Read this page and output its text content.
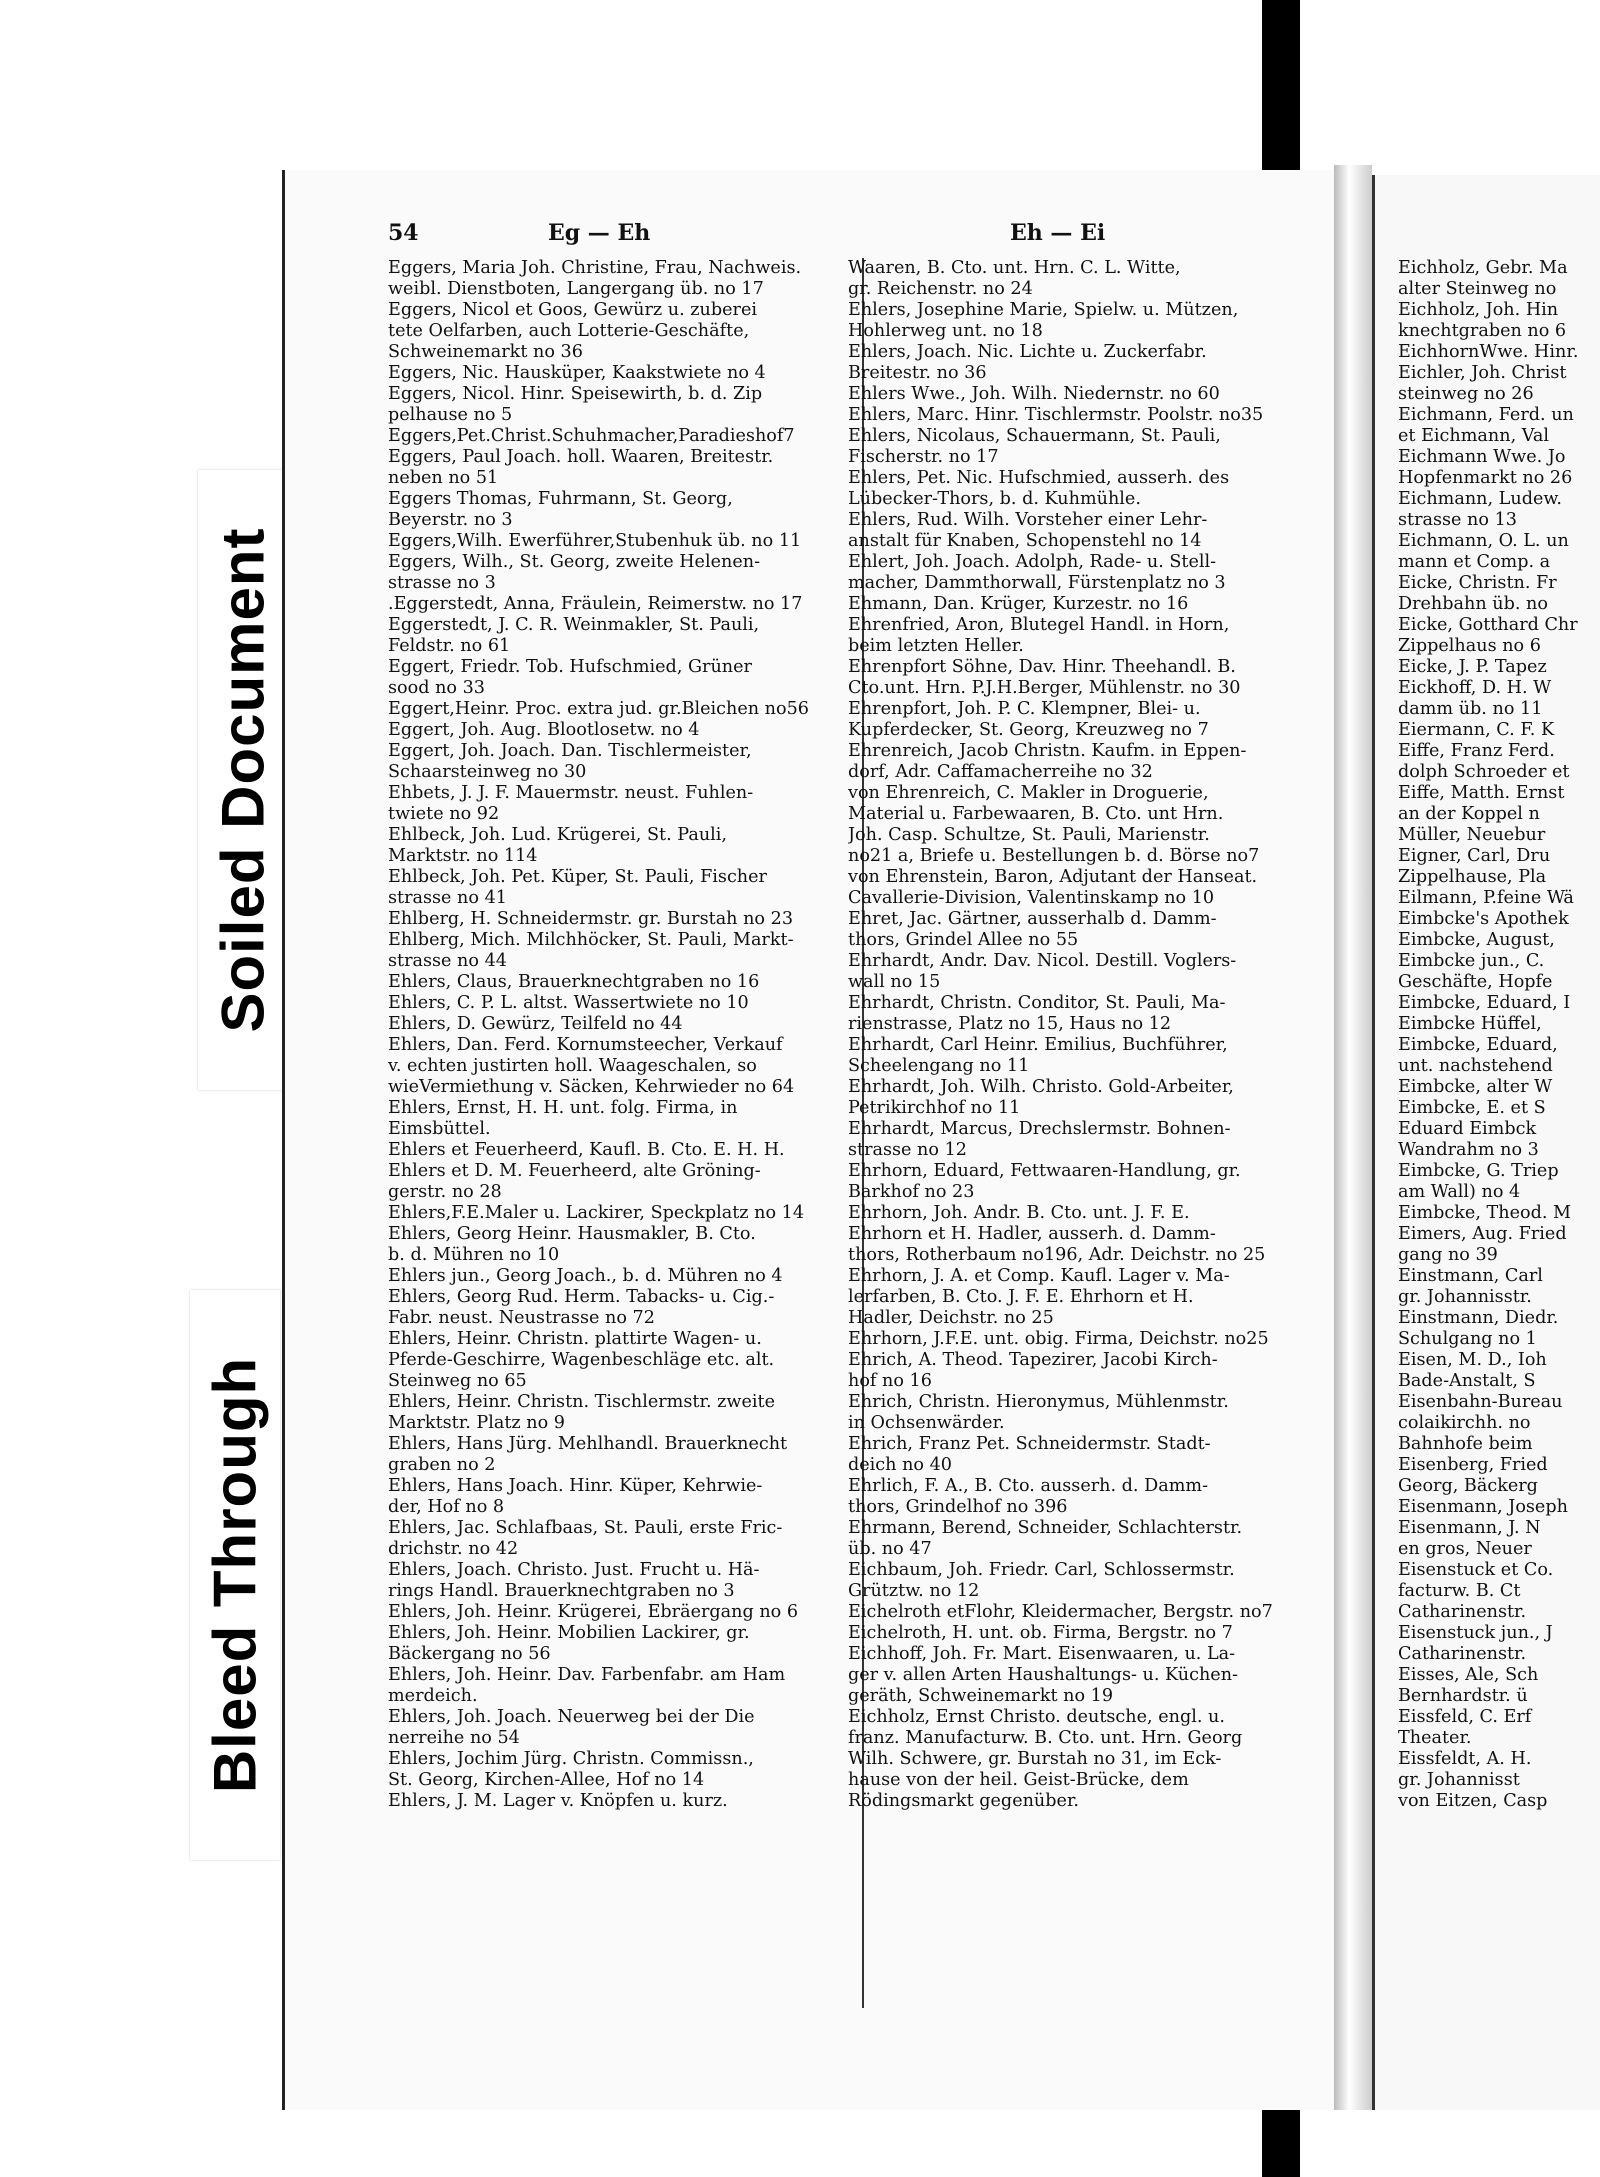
Soiled Document
Bleed Through
54	Eg — Eh	Eh — Ei
Eggers, Maria Joh. Christine, Frau, Nachweis.
weibl. Dienstboten, Langergang üb. no 17
Eggers, Nicol et Goos, Gewürz u. zuberei
tete Oelfarben, auch Lotterie-Geschäfte,
Schweinemarkt no 36
Eggers, Nic. Hausküper, Kaakstwiete no 4
Eggers, Nicol. Hinr. Speisewirth, b. d. Zip
pelhause no 5
Eggers,Pet.Christ.Schuhmacher,Paradieshof7
Eggers, Paul Joach. holl. Waaren, Breitestr.
neben no 51
Eggers Thomas, Fuhrmann, St. Georg,
Beyerstr. no 3
Eggers,Wilh. Ewerführer,Stubenhuk üb. no 11
Eggers, Wilh., St. Georg, zweite Helenen-
strasse no 3
.Eggerstedt, Anna, Fräulein, Reimerstw. no 17
Eggerstedt, J. C. R. Weinmakler, St. Pauli,
Feldstr. no 61
Eggert, Friedr. Tob. Hufschmied, Grüner
sood no 33
Eggert,Heinr. Proc. extra jud. gr.Bleichen no56
Eggert, Joh. Aug. Blootlosetw. no 4
Eggert, Joh. Joach. Dan. Tischlermeister,
Schaarsteinweg no 30
Ehbets, J. J. F. Mauermstr. neust. Fuhlen-
twiete no 92
Ehlbeck, Joh. Lud. Krügerei, St. Pauli,
Marktstr. no 114
Ehlbeck, Joh. Pet. Küper, St. Pauli, Fischer
strasse no 41
Ehlberg, H. Schneidermstr. gr. Burstah no 23
Ehlberg, Mich. Milchhöcker, St. Pauli, Markt-
strasse no 44
Ehlers, Claus, Brauerknechtgraben no 16
Ehlers, C. P. L. altst. Wassertwiete no 10
Ehlers, D. Gewürz, Teilfeld no 44
Ehlers, Dan. Ferd. Kornumsteecher, Verkauf
v. echten justirten holl. Waageschalen, so
wieVermiethung v. Säcken, Kehrwieder no 64
Ehlers, Ernst, H. H. unt. folg. Firma, in
Eimsbüttel.
Ehlers et Feuerheerd, Kaufl. B. Cto. E. H. H.
Ehlers et D. M. Feuerheerd, alte Gröning-
gerstr. no 28
Ehlers,F.E.Maler u. Lackirer, Speckplatz no 14
Ehlers, Georg Heinr. Hausmakler, B. Cto.
b. d. Mühren no 10
Ehlers jun., Georg Joach., b. d. Mühren no 4
Ehlers, Georg Rud. Herm. Tabacks- u. Cig.-
Fabr. neust. Neustrasse no 72
Ehlers, Heinr. Christn. plattirte Wagen- u.
Pferde-Geschirre, Wagenbeschläge etc. alt.
Steinweg no 65
Ehlers, Heinr. Christn. Tischlermstr. zweite
Marktstr. Platz no 9
Ehlers, Hans Jürg. Mehlhandl. Brauerknecht
graben no 2
Ehlers, Hans Joach. Hinr. Küper, Kehrwie-
der, Hof no 8
Ehlers, Jac. Schlafbaas, St. Pauli, erste Fric-
drichstr. no 42
Ehlers, Joach. Christo. Just. Frucht u. Hä-
rings Handl. Brauerknechtgraben no 3
Ehlers, Joh. Heinr. Krügerei, Ebräergang no 6
Ehlers, Joh. Heinr. Mobilien Lackirer, gr.
Bäckergang no 56
Ehlers, Joh. Heinr. Dav. Farbenfabr. am Ham
merdeich.
Ehlers, Joh. Joach. Neuerweg bei der Die
nerreihe no 54
Ehlers, Jochim Jürg. Christn. Commissn.,
St. Georg, Kirchen-Allee, Hof no 14
Ehlers, J. M. Lager v. Knöpfen u. kurz.
Waaren, B. Cto. unt. Hrn. C. L. Witte,
gr. Reichenstr. no 24
Ehlers, Josephine Marie, Spielw. u. Mützen,
Hohlerweg unt. no 18
Ehlers, Joach. Nic. Lichte u. Zuckerfabr.
Breitestr. no 36
Ehlers Wwe., Joh. Wilh. Niedernstr. no 60
Ehlers, Marc. Hinr. Tischlermstr. Poolstr. no35
Ehlers, Nicolaus, Schauermann, St. Pauli,
Fischerstr. no 17
Ehlers, Pet. Nic. Hufschmied, ausserh. des
Lübecker-Thors, b. d. Kuhmühle.
Ehlers, Rud. Wilh. Vorsteher einer Lehr-
anstalt für Knaben, Schopenstehl no 14
Ehlert, Joh. Joach. Adolph, Rade- u. Stell-
macher, Dammthorwall, Fürstenplatz no 3
Ehmann, Dan. Krüger, Kurzestr. no 16
Ehrenfried, Aron, Blutegel Handl. in Horn,
beim letzten Heller.
Ehrenpfort Söhne, Dav. Hinr. Theehandl. B.
Cto.unt. Hrn. P.J.H.Berger, Mühlenstr. no 30
Ehrenpfort, Joh. P. C. Klempner, Blei- u.
Kupferdecker, St. Georg, Kreuzweg no 7
Ehrenreich, Jacob Christn. Kaufm. in Eppen-
dorf, Adr. Caffamacherreihe no 32
von Ehrenreich, C. Makler in Droguerie,
Material u. Farbewaaren, B. Cto. unt Hrn.
Joh. Casp. Schultze, St. Pauli, Marienstr.
no21 a, Briefe u. Bestellungen b. d. Börse no7
von Ehrenstein, Baron, Adjutant der Hanseat.
Cavallerie-Division, Valentinskamp no 10
Ehret, Jac. Gärtner, ausserhalb d. Damm-
thors, Grindel Allee no 55
Ehrhardt, Andr. Dav. Nicol. Destill. Voglers-
wall no 15
Ehrhardt, Christn. Conditor, St. Pauli, Ma-
rienstrasse, Platz no 15, Haus no 12
Ehrhardt, Carl Heinr. Emilius, Buchführer,
Scheelengang no 11
Ehrhardt, Joh. Wilh. Christo. Gold-Arbeiter,
Petrikirchhof no 11
Ehrhardt, Marcus, Drechslermstr. Bohnen-
strasse no 12
Ehrhorn, Eduard, Fettwaaren-Handlung, gr.
Barkhof no 23
Ehrhorn, Joh. Andr. B. Cto. unt. J. F. E.
Ehrhorn et H. Hadler, ausserh. d. Damm-
thors, Rotherbaum no196, Adr. Deichstr. no 25
Ehrhorn, J. A. et Comp. Kaufl. Lager v. Ma-
lerfarben, B. Cto. J. F. E. Ehrhorn et H.
Hadler, Deichstr. no 25
Ehrhorn, J.F.E. unt. obig. Firma, Deichstr. no25
Ehrich, A. Theod. Tapezirer, Jacobi Kirch-
hof no 16
Ehrich, Christn. Hieronymus, Mühlenmstr.
in Ochsenwärder.
Ehrich, Franz Pet. Schneidermstr. Stadt-
deich no 40
Ehrlich, F. A., B. Cto. ausserh. d. Damm-
thors, Grindelhof no 396
Ehrmann, Berend, Schneider, Schlachterstr.
üb. no 47
Eichbaum, Joh. Friedr. Carl, Schlossermstr.
Grütztw. no 12
Eichelroth etFlohr, Kleidermacher, Bergstr. no7
Eichelroth, H. unt. ob. Firma, Bergstr. no 7
Eichhoff, Joh. Fr. Mart. Eisenwaaren, u. La-
ger v. allen Arten Haushaltungs- u. Küchen-
geräth, Schweinemarkt no 19
Eichholz, Ernst Christo. deutsche, engl. u.
franz. Manufacturw. B. Cto. unt. Hrn. Georg
Wilh. Schwere, gr. Burstah no 31, im Eck-
hause von der heil. Geist-Brücke, dem
Rödingsmarkt gegenüber.
Eichholz, Gebr. Ma
alter Steinweg no
Eichholz, Joh. Hin
knechtgraben no 6
EichhornWwe. Hinr.
Eichler, Joh. Christ
steinweg no 26
Eichmann, Ferd. un
et Eichmann, Val
Eichmann Wwe. Jo
Hopfenmarkt no 26
Eichmann, Ludew.
strasse no 13
Eichmann, O. L. un
mann et Comp. a
Eicke, Christn. Fr
Drehbahn üb. no
Eicke, Gotthard Chr
Zippelhaus no 6
Eicke, J. P. Tapez
Eickhoff, D. H. W
damm üb. no 11
Eiermann, C. F. K
Eiffe, Franz Ferd.
dolph Schroeder et
Eiffe, Matth. Ernst
an der Koppel n
Müller, Neuebur
Eigner, Carl, Dru
Zippelhause, Pla
Eilmann, P.feine Wä
Eimbcke's Apothek
Eimbcke, August,
Eimbcke jun., C.
Geschäfte, Hopfe
Eimbcke, Eduard, I
Eimbcke Hüffel,
Eimbcke, Eduard,
unt. nachstehend
Eimbcke, alter W
Eimbcke, E. et S
Eduard Eimbck
Wandrahm no 3
Eimbcke, G. Triep
am Wall) no 4
Eimbcke, Theod. M
Eimers, Aug. Fried
gang no 39
Einstmann, Carl
gr. Johannisstr.
Einstmann, Diedr.
Schulgang no 1
Eisen, M. D., Ioh
Bade-Anstalt, S
Eisenbahn-Bureau
colaikirchh. no
Bahnhofe beim
Eisenberg, Fried
Georg, Bäckerg
Eisenmann, Joseph
Eisenmann, J. N
en gros, Neuer
Eisenstuck et Co.
facturw. B. Ct
Catharinenstr.
Eisenstuck jun., J
Catharinenstr.
Eisses, Ale, Sch
Bernhardstr. ü
Eissfeld, C. Erf
Theater.
Eissfeldt, A. H.
gr. Johannisst
von Eitzen, Casp
